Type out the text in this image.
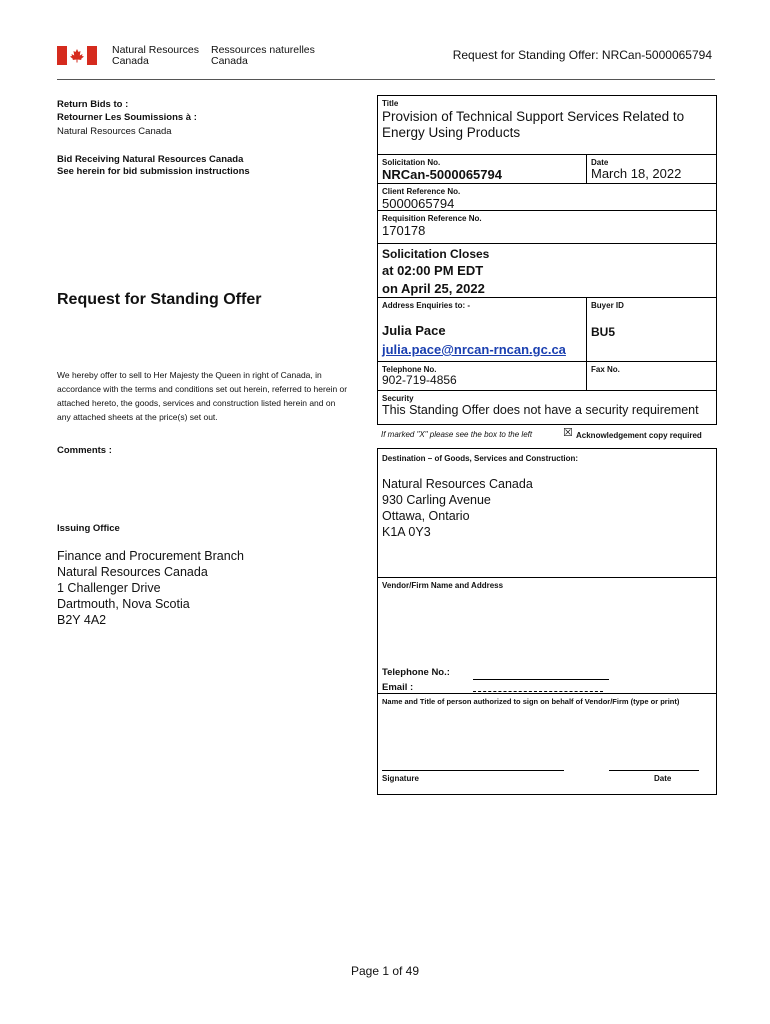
Natural Resources
Canada
Ressources naturelles
Canada	Request for Standing Offer: NRCan-5000065794
Return Bids to :
Retourner Les Soumissions à :
Natural Resources Canada
Bid Receiving Natural Resources Canada
See herein for bid submission instructions
Request for Standing Offer
We hereby offer to sell to Her Majesty the Queen in right of Canada, in accordance with the terms and conditions set out herein, referred to herein or attached hereto, the goods, services and construction listed herein and on any attached sheets at the price(s) set out.
Comments :
Issuing Office
Finance and Procurement Branch
Natural Resources Canada
1 Challenger Drive
Dartmouth, Nova Scotia
B2Y 4A2
Title
Provision of Technical Support Services Related to Energy Using Products
Solicitation No.
NRCan-5000065794
Date
March 18, 2022
Client Reference No.
5000065794
Requisition Reference No.
170178
Solicitation Closes
at 02:00 PM EDT
on April 25, 2022
Address Enquiries to: -
Julia Pace
julia.pace@nrcan-rncan.gc.ca
Buyer ID
BU5
Telephone No.
902-719-4856
Fax No.
Security
This Standing Offer does not have a security requirement
If marked "X" please see the box to the left	☒ Acknowledgement copy required
Destination – of Goods, Services and Construction:
Natural Resources Canada
930 Carling Avenue
Ottawa, Ontario
K1A 0Y3
Vendor/Firm Name and Address
Telephone No.:
Email :
Name and Title of person authorized to sign on behalf of Vendor/Firm (type or print)
Signature	Date
Page 1 of 49
